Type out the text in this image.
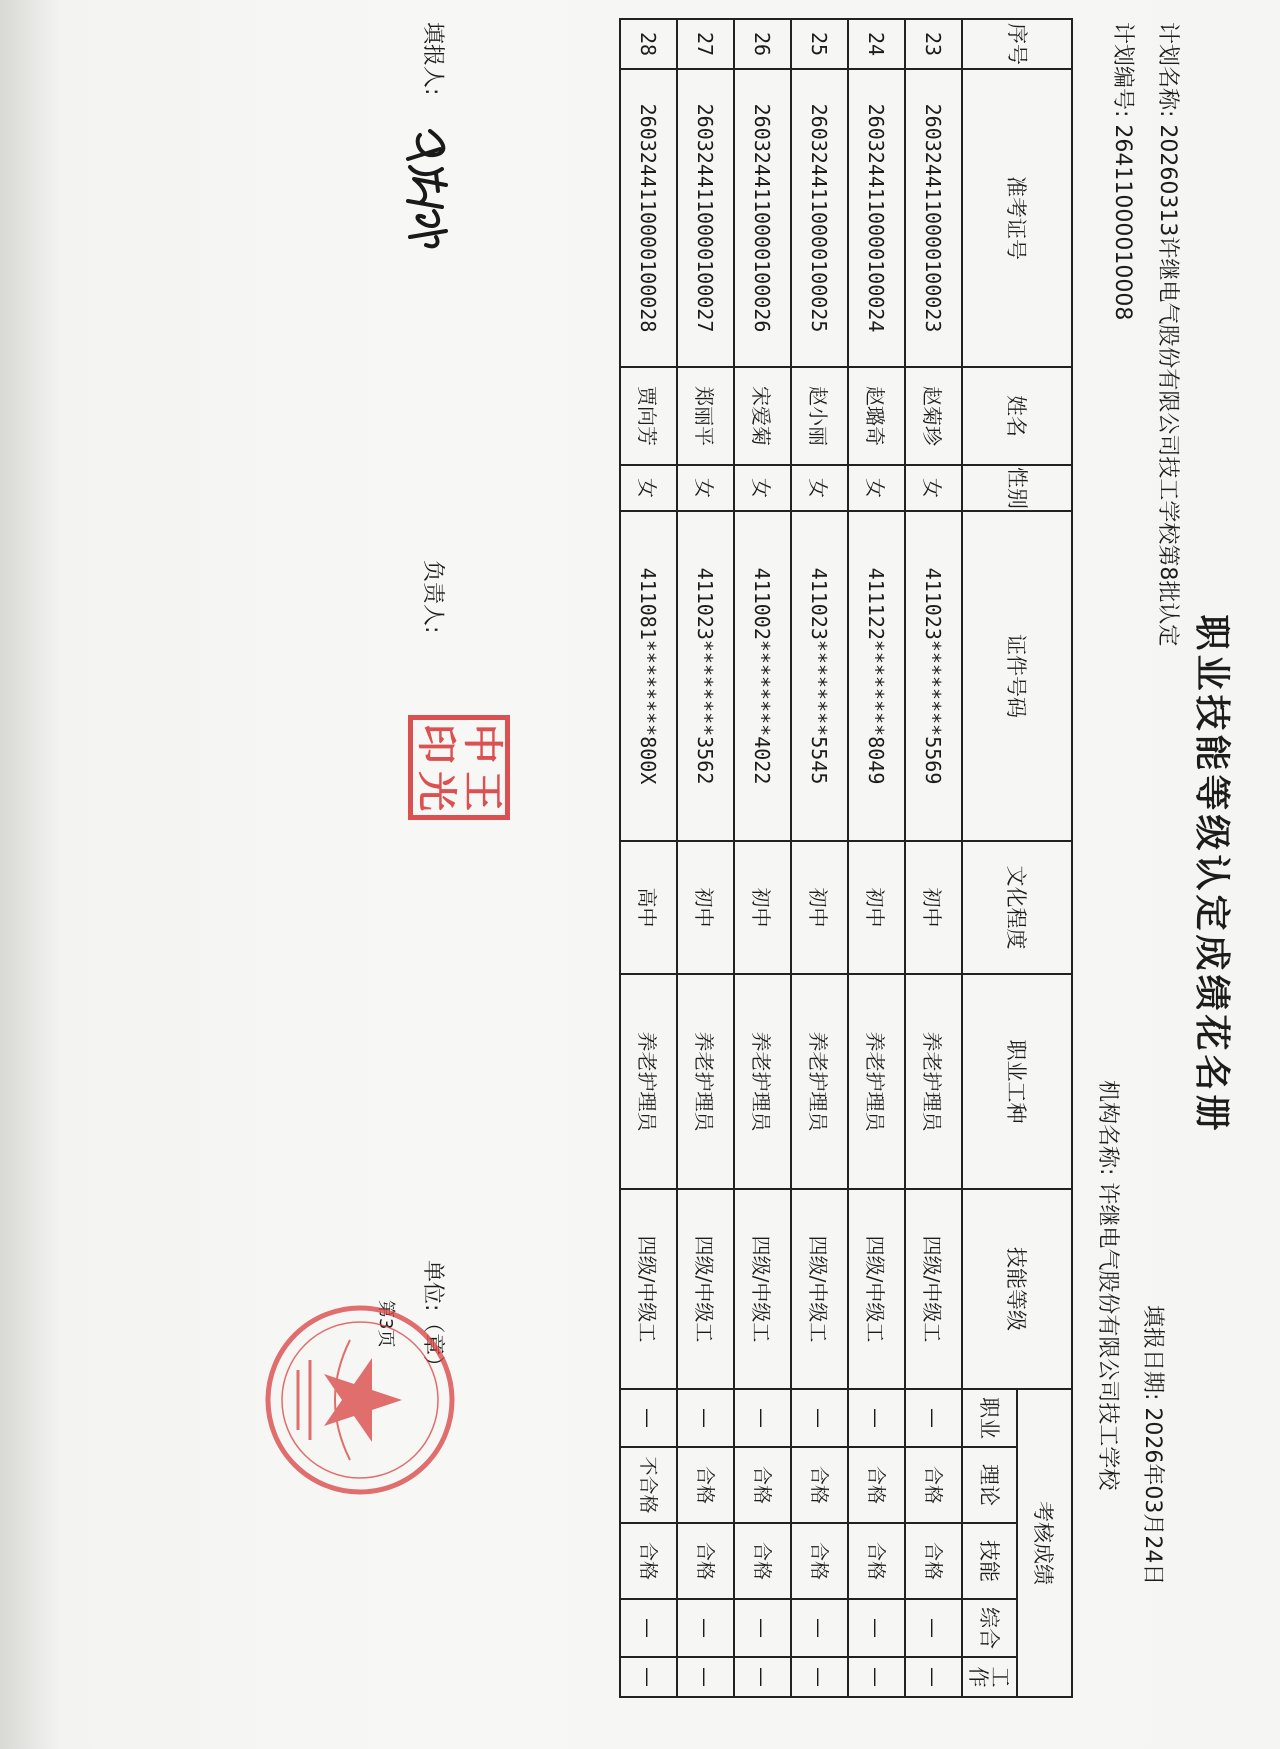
职业技能等级认定成绩花名册
计划名称: 20260313许继电气股份有限公司技工学校第8批认定
计划编号: 26411000010008
机构名称: 许继电气股份有限公司技工学校 填报日期: 2026年03月24日
序号	准考证号	姓名	性别	证件号码	文化程度	职业工种	技能等级	考核成绩				
								职业	理论	技能	综合	工作
23	2603244110000100023	赵菊珍	女	411023********5569	初中	养老护理员	四级/中级工	—	合格	合格	—	—
24	2603244110000100024	赵璐奇	女	411122********8049	初中	养老护理员	四级/中级工	—	合格	合格	—	—
25	2603244110000100025	赵小丽	女	411023********5545	初中	养老护理员	四级/中级工	—	合格	合格	—	—
26	2603244110000100026	宋爱菊	女	411002********4022	初中	养老护理员	四级/中级工	—	合格	合格	—	—
27	2603244110000100027	郑丽平	女	411023********3562	初中	养老护理员	四级/中级工	—	合格	合格	—	—
28	2603244110000100028	贾向芳	女	411081********800X	高中	养老护理员	四级/中级工	—	不合格	合格	—	—
填报人:
负责人:
中
王
印
光
单位:（章）
第3页
